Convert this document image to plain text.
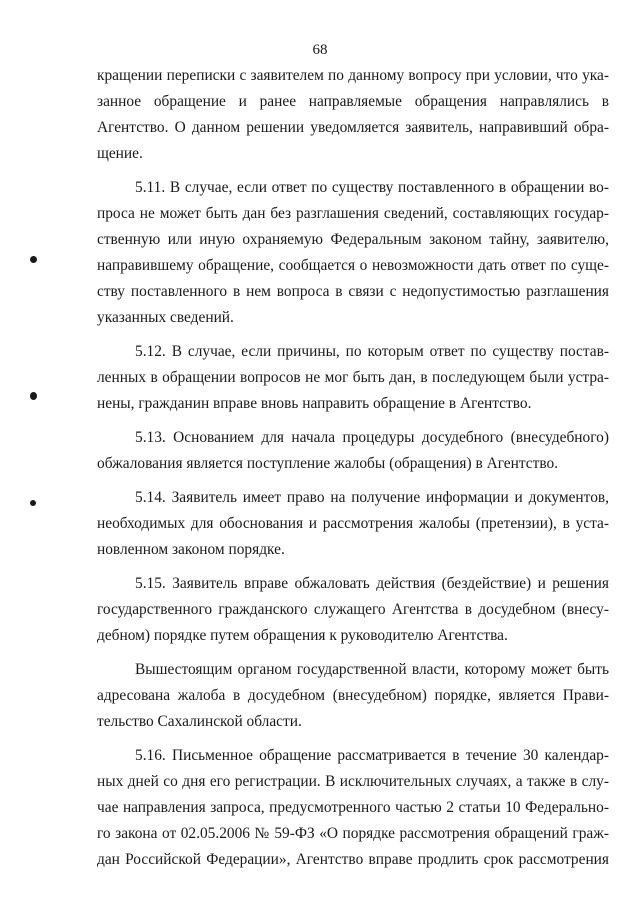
68
кращении переписки с заявителем по данному вопросу при условии, что ука-
занное обращение и ранее направляемые обращения направлялись в
Агентство. О данном решении уведомляется заявитель, направивший обра-
щение.
5.11. В случае, если ответ по существу поставленного в обращении во-
проса не может быть дан без разглашения сведений, составляющих государ-
ственную или иную охраняемую Федеральным законом тайну, заявителю,
направившему обращение, сообщается о невозможности дать ответ по суще-
ству поставленного в нем вопроса в связи с недопустимостью разглашения
указанных сведений.
5.12. В случае, если причины, по которым ответ по существу постав-
ленных в обращении вопросов не мог быть дан, в последующем были устра-
нены, гражданин вправе вновь направить обращение в Агентство.
5.13. Основанием для начала процедуры досудебного (внесудебного)
обжалования является поступление жалобы (обращения) в Агентство.
5.14. Заявитель имеет право на получение информации и документов,
необходимых для обоснования и рассмотрения жалобы (претензии), в уста-
новленном законом порядке.
5.15. Заявитель вправе обжаловать действия (бездействие) и решения
государственного гражданского служащего Агентства в досудебном (внесу-
дебном) порядке путем обращения к руководителю Агентства.
Вышестоящим органом государственной власти, которому может быть
адресована жалоба в досудебном (внесудебном) порядке, является Прави-
тельство Сахалинской области.
5.16. Письменное обращение рассматривается в течение 30 календар-
ных дней со дня его регистрации. В исключительных случаях, а также в слу-
чае направления запроса, предусмотренного частью 2 статьи 10 Федерально-
го закона от 02.05.2006 № 59-ФЗ «О порядке рассмотрения обращений граж-
дан Российской Федерации», Агентство вправе продлить срок рассмотрения
